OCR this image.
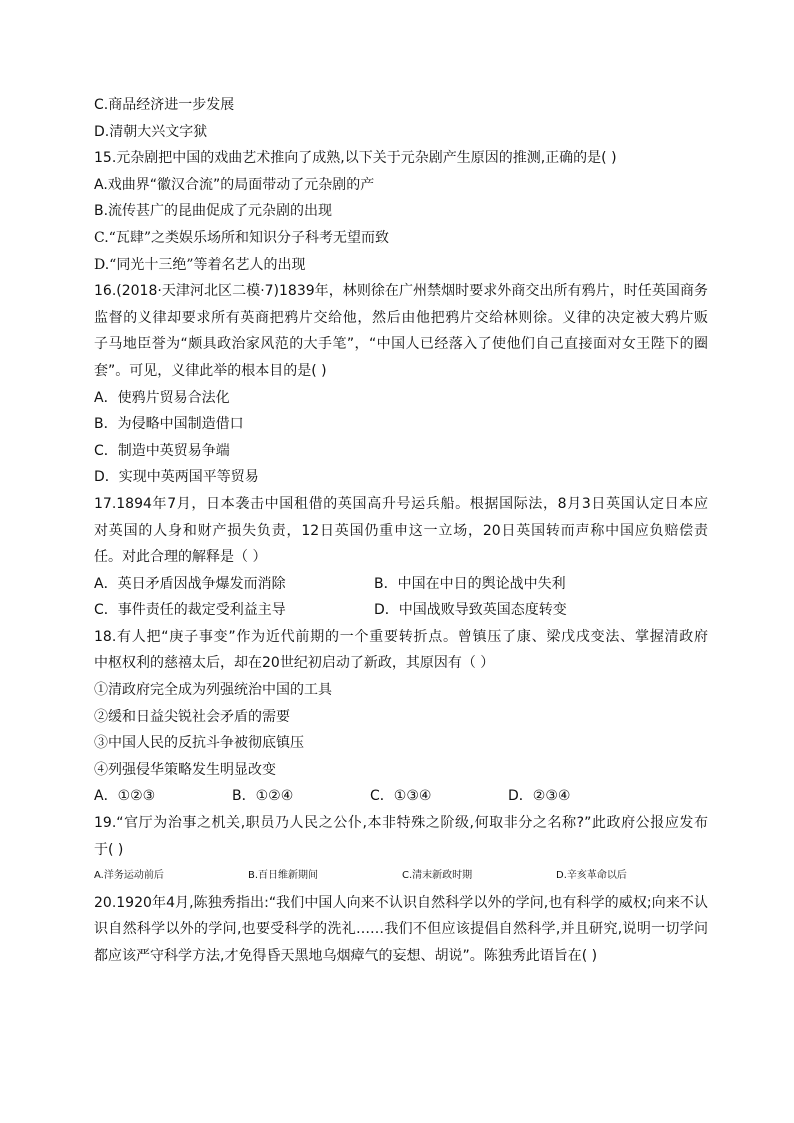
C.商品经济进一步发展
D.清朝大兴文字狱
15.元杂剧把中国的戏曲艺术推向了成熟,以下关于元杂剧产生原因的推测,正确的是( )
A.戏曲界“徽汉合流”的局面带动了元杂剧的产
B.流传甚广的昆曲促成了元杂剧的出现
C.“瓦肆”之类娱乐场所和知识分子科考无望而致
D.“同光十三绝”等着名艺人的出现
16.(2018·天津河北区二模·7)1839年，林则徐在广州禁烟时要求外商交出所有鸦片，时任英国商务
监督的义律却要求所有英商把鸦片交给他，然后由他把鸦片交给林则徐。义律的决定被大鸦片贩
子马地臣誉为“颇具政治家风范的大手笔”，“中国人已经落入了使他们自己直接面对女王陛下的圈
套”。可见，义律此举的根本目的是( )
A．使鸦片贸易合法化
B．为侵略中国制造借口
C．制造中英贸易争端
D．实现中英两国平等贸易
17.1894年7月，日本袭击中国租借的英国高升号运兵船。根据国际法，8月3日英国认定日本应
对英国的人身和财产损失负责，12日英国仍重申这一立场，20日英国转而声称中国应负赔偿责
任。对此合理的解释是（ ）
A．英日矛盾因战争爆发而消除	B．中国在中日的舆论战中失利
C．事件责任的裁定受利益主导	D．中国战败导致英国态度转变
18.有人把“庚子事变”作为近代前期的一个重要转折点。曾镇压了康、梁戊戌变法、掌握清政府
中枢权利的慈禧太后，却在20世纪初启动了新政，其原因有（ ）
①清政府完全成为列强统治中国的工具
②缓和日益尖锐社会矛盾的需要
③中国人民的反抗斗争被彻底镇压
④列强侵华策略发生明显改变
A．①②③	B．①②④	C．①③④	D．②③④
19.“官厅为治事之机关,职员乃人民之公仆,本非特殊之阶级,何取非分之名称?”此政府公报应发布
于( )
A.洋务运动前后	B.百日维新期间	C.清末新政时期	D.辛亥革命以后
20.1920年4月,陈独秀指出:“我们中国人向来不认识自然科学以外的学问,也有科学的威权;向来不认
识自然科学以外的学问,也要受科学的洗礼……我们不但应该提倡自然科学,并且研究,说明一切学问
都应该严守科学方法,才免得昏天黑地乌烟瘴气的妄想、胡说”。陈独秀此语旨在( )
